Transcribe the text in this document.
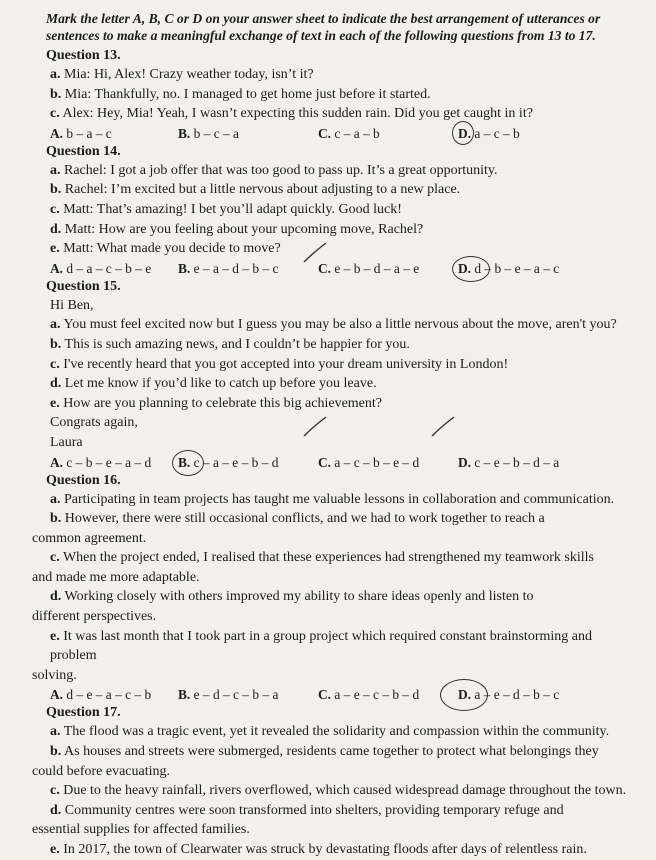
Mark the letter A, B, C or D on your answer sheet to indicate the best arrangement of utterances or sentences to make a meaningful exchange of text in each of the following questions from 13 to 17.
Question 13.
a. Mia: Hi, Alex! Crazy weather today, isn’t it?
b. Mia: Thankfully, no. I managed to get home just before it started.
c. Alex: Hey, Mia! Yeah, I wasn’t expecting this sudden rain. Did you get caught in it?
A. b – a – c	B. b – c – a	C. c – a – b	D. a – c – b
Question 14.
a. Rachel: I got a job offer that was too good to pass up. It’s a great opportunity.
b. Rachel: I’m excited but a little nervous about adjusting to a new place.
c. Matt: That’s amazing! I bet you’ll adapt quickly. Good luck!
d. Matt: How are you feeling about your upcoming move, Rachel?
e. Matt: What made you decide to move?
A. d – a – c – b – e	B. e – a – d – b – c	C. e – b – d – a – e	D. d – b – e – a – c
Question 15.
Hi Ben,
a. You must feel excited now but I guess you may be also a little nervous about the move, aren't you?
b. This is such amazing news, and I couldn’t be happier for you.
c. I've recently heard that you got accepted into your dream university in London!
d. Let me know if you’d like to catch up before you leave.
e. How are you planning to celebrate this big achievement?
Congrats again,
Laura
A. c – b – e – a – d	B. c – a – e – b – d	C. a – c – b – e – d	D. c – e – b – d – a
Question 16.
a. Participating in team projects has taught me valuable lessons in collaboration and communication.
b. However, there were still occasional conflicts, and we had to work together to reach a
common agreement.
c. When the project ended, I realised that these experiences had strengthened my teamwork skills
and made me more adaptable.
d. Working closely with others improved my ability to share ideas openly and listen to
different perspectives.
e. It was last month that I took part in a group project which required constant brainstorming and problem
solving.
A. d – e – a – c – b	B. e – d – c – b – a	C. a – e – c – b – d	D. a – e – d – b – c
Question 17.
a. The flood was a tragic event, yet it revealed the solidarity and compassion within the community.
b. As houses and streets were submerged, residents came together to protect what belongings they
could before evacuating.
c. Due to the heavy rainfall, rivers overflowed, which caused widespread damage throughout the town.
d. Community centres were soon transformed into shelters, providing temporary refuge and
essential supplies for affected families.
e. In 2017, the town of Clearwater was struck by devastating floods after days of relentless rain.
